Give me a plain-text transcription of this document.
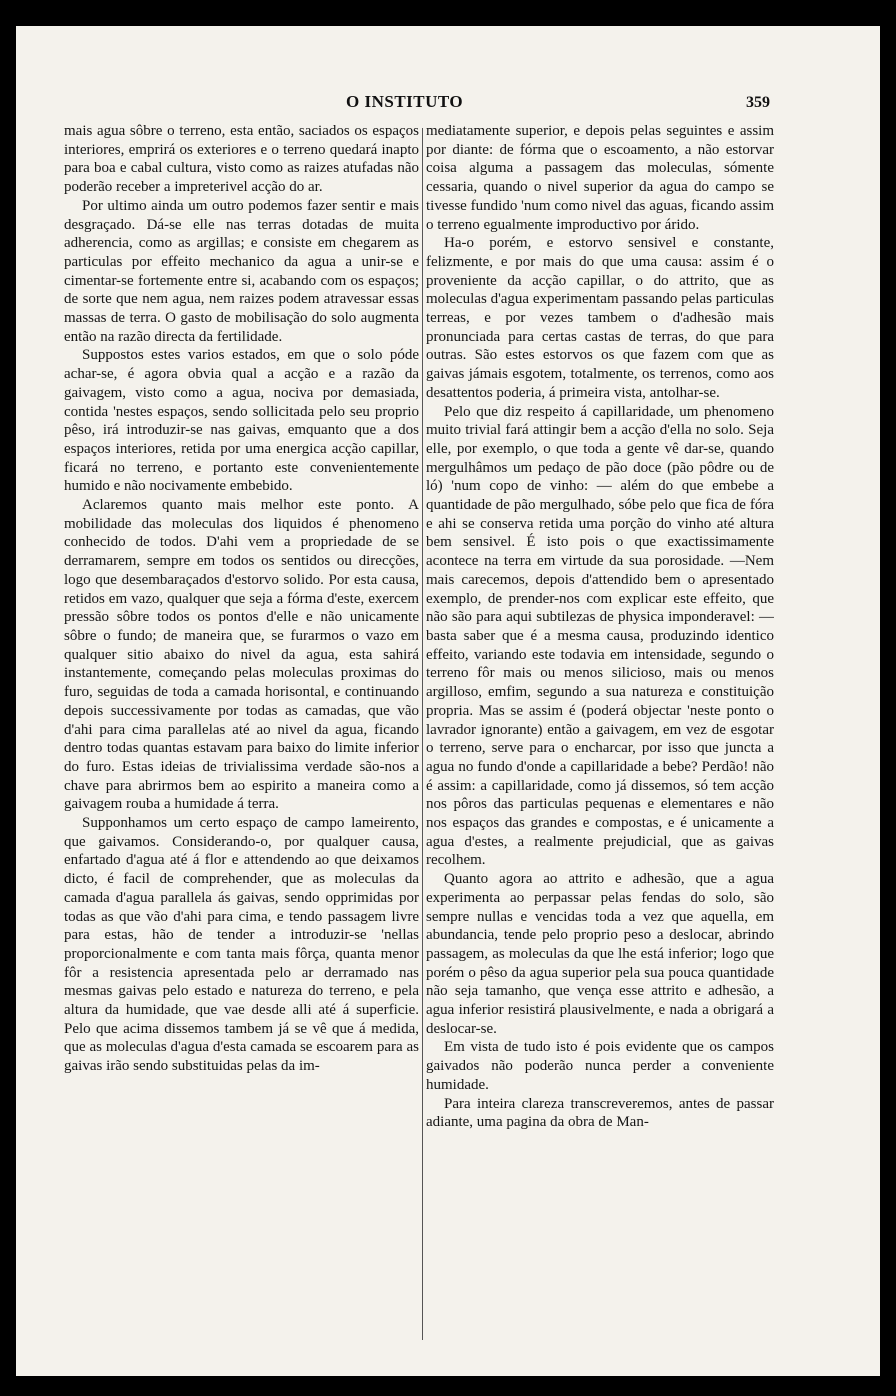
O INSTITUTO	359

mais agua sôbre o terreno, esta então, saciados os espaços interiores, emprirá os exteriores e o terreno quedará inapto para boa e cabal cultura, visto como as raizes atufadas não poderão receber a impreterivel acção do ar.

Por ultimo ainda um outro podemos fazer sentir e mais desgraçado. Dá-se elle nas terras dotadas de muita adherencia, como as argillas; e consiste em chegarem as particulas por effeito mechanico da agua a unir-se e cimentar-se fortemente entre si, acabando com os espaços; de sorte que nem agua, nem raizes podem atravessar essas massas de terra. O gasto de mobilisação do solo augmenta então na razão directa da fertilidade.

Suppostos estes varios estados, em que o solo póde achar-se, é agora obvia qual a acção e a razão da gaivagem, visto como a agua, nociva por demasiada, contida 'nestes espaços, sendo sollicitada pelo seu proprio pêso, irá introduzir-se nas gaivas, emquanto que a dos espaços interiores, retida por uma energica acção capillar, ficará no terreno, e portanto este convenientemente humido e não nocivamente embebido.

Aclaremos quanto mais melhor este ponto. A mobilidade das moleculas dos liquidos é phenomeno conhecido de todos. D'ahi vem a propriedade de se derramarem, sempre em todos os sentidos ou direcções, logo que desembaraçados d'estorvo solido. Por esta causa, retidos em vazo, qualquer que seja a fórma d'este, exercem pressão sôbre todos os pontos d'elle e não unicamente sôbre o fundo; de maneira que, se furarmos o vazo em qualquer sitio abaixo do nivel da agua, esta sahirá instantemente, começando pelas moleculas proximas do furo, seguidas de toda a camada horisontal, e continuando depois successivamente por todas as camadas, que vão d'ahi para cima parallelas até ao nivel da agua, ficando dentro todas quantas estavam para baixo do limite inferior do furo. Estas ideias de trivialissima verdade são-nos a chave para abrirmos bem ao espirito a maneira como a gaivagem rouba a humidade á terra.

Supponhamos um certo espaço de campo lameirento, que gaivamos. Considerando-o, por qualquer causa, enfartado d'agua até á flor e attendendo ao que deixamos dicto, é facil de comprehender, que as moleculas da camada d'agua parallela ás gaivas, sendo opprimidas por todas as que vão d'ahi para cima, e tendo passagem livre para estas, hão de tender a introduzir-se 'nellas proporcionalmente e com tanta mais fôrça, quanta menor fôr a resistencia apresentada pelo ar derramado nas mesmas gaivas pelo estado e natureza do terreno, e pela altura da humidade, que vae desde alli até á superficie. Pelo que acima dissemos tambem já se vê que á medida, que as moleculas d'agua d'esta camada se escoarem para as gaivas irão sendo substituidas pelas da im-

mediatamente superior, e depois pelas seguintes e assim por diante: de fórma que o escoamento, a não estorvar coisa alguma a passagem das moleculas, sómente cessaria, quando o nivel superior da agua do campo se tivesse fundido 'num como nivel das aguas, ficando assim o terreno egualmente improductivo por árido.

Ha-o porém, e estorvo sensivel e constante, felizmente, e por mais do que uma causa: assim é o proveniente da acção capillar, o do attrito, que as moleculas d'agua experimentam passando pelas particulas terreas, e por vezes tambem o d'adhesão mais pronunciada para certas castas de terras, do que para outras. São estes estorvos os que fazem com que as gaivas jámais esgotem, totalmente, os terrenos, como aos desattentos poderia, á primeira vista, antolhar-se.

Pelo que diz respeito á capillaridade, um phenomeno muito trivial fará attingir bem a acção d'ella no solo. Seja elle, por exemplo, o que toda a gente vê dar-se, quando mergulhâmos um pedaço de pão doce (pão pôdre ou de ló) 'num copo de vinho: — além do que embebe a quantidade de pão mergulhado, sóbe pelo que fica de fóra e ahi se conserva retida uma porção do vinho até altura bem sensivel. É isto pois o que exactissimamente acontece na terra em virtude da sua porosidade. —Nem mais carecemos, depois d'attendido bem o apresentado exemplo, de prender-nos com explicar este effeito, que não são para aqui subtilezas de physica imponderavel: — basta saber que é a mesma causa, produzindo identico effeito, variando este todavia em intensidade, segundo o terreno fôr mais ou menos silicioso, mais ou menos argilloso, emfim, segundo a sua natureza e constituição propria. Mas se assim é (poderá objectar 'neste ponto o lavrador ignorante) então a gaivagem, em vez de esgotar o terreno, serve para o encharcar, por isso que juncta a agua no fundo d'onde a capillaridade a bebe? Perdão! não é assim: a capillaridade, como já dissemos, só tem acção nos pôros das particulas pequenas e elementares e não nos espaços das grandes e compostas, e é unicamente a agua d'estes, a realmente prejudicial, que as gaivas recolhem.

Quanto agora ao attrito e adhesão, que a agua experimenta ao perpassar pelas fendas do solo, são sempre nullas e vencidas toda a vez que aquella, em abundancia, tende pelo proprio peso a deslocar, abrindo passagem, as moleculas da que lhe está inferior; logo que porém o pêso da agua superior pela sua pouca quantidade não seja tamanho, que vença esse attrito e adhesão, a agua inferior resistirá plausivelmente, e nada a obrigará a deslocar-se.

Em vista de tudo isto é pois evidente que os campos gaivados não poderão nunca perder a conveniente humidade.

Para inteira clareza transcreveremos, antes de passar adiante, uma pagina da obra de Man-
